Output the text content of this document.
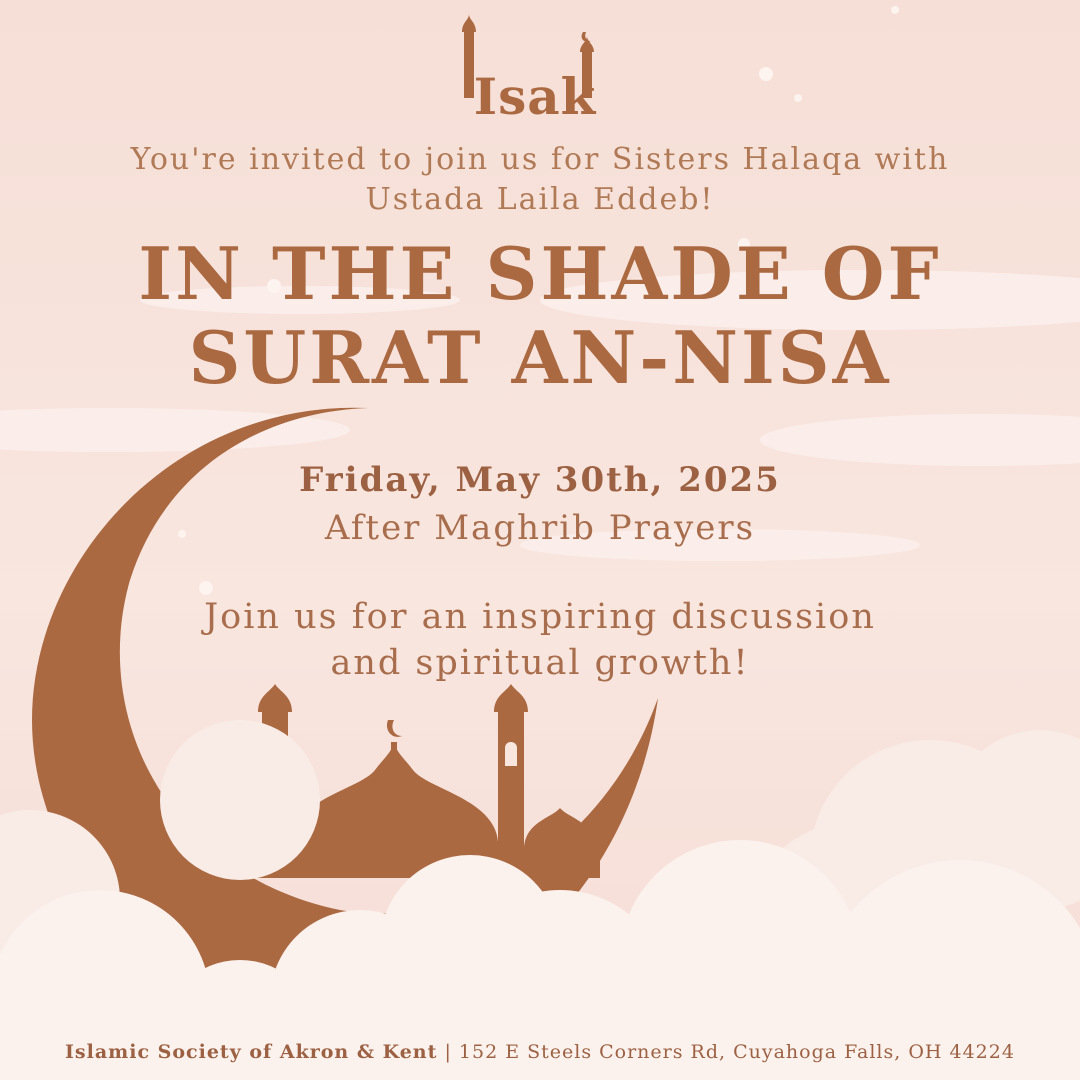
Isak
You're invited to join us for Sisters Halaqa with
Ustada Laila Eddeb!
IN THE SHADE OF
SURAT AN-NISA
Friday, May 30th, 2025
After Maghrib Prayers
Join us for an inspiring discussion
and spiritual growth!
Islamic Society of Akron & Kent | 152 E Steels Corners Rd, Cuyahoga Falls, OH 44224
